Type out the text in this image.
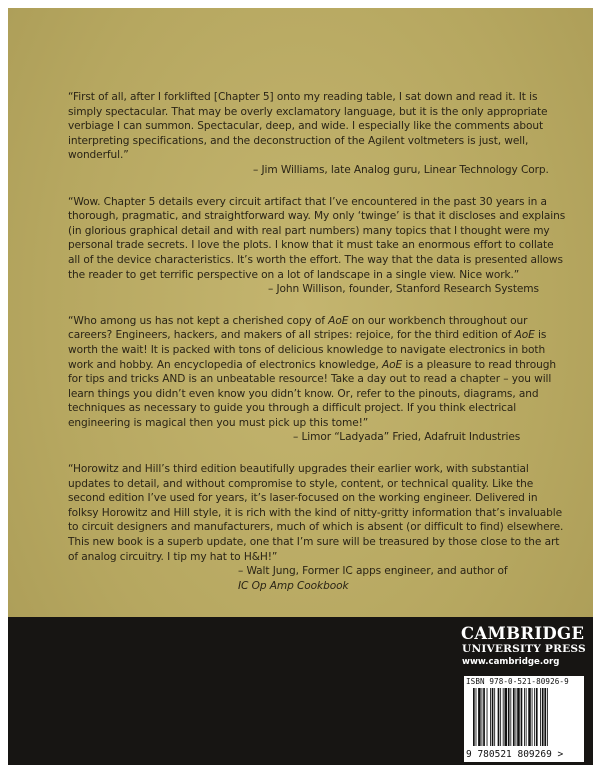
“First of all, after I forklifted [Chapter 5] onto my reading table, I sat down and read it. It is simply spectacular. That may be overly exclamatory language, but it is the only appropriate verbiage I can summon. Spectacular, deep, and wide. I especially like the comments about interpreting specifications, and the deconstruction of the Agilent voltmeters is just, well, wonderful.”

– Jim Williams, late Analog guru, Linear Technology Corp.

“Wow. Chapter 5 details every circuit artifact that I’ve encountered in the past 30 years in a thorough, pragmatic, and straightforward way. My only ‘twinge’ is that it discloses and explains (in glorious graphical detail and with real part numbers) many topics that I thought were my personal trade secrets. I love the plots. I know that it must take an enormous effort to collate all of the device characteristics. It’s worth the effort. The way that the data is presented allows the reader to get terrific perspective on a lot of landscape in a single view. Nice work.”

– John Willison, founder, Stanford Research Systems

“Who among us has not kept a cherished copy of AoE on our workbench throughout our careers? Engineers, hackers, and makers of all stripes: rejoice, for the third edition of AoE is worth the wait! It is packed with tons of delicious knowledge to navigate electronics in both work and hobby. An encyclopedia of electronics knowledge, AoE is a pleasure to read through for tips and tricks AND is an unbeatable resource! Take a day out to read a chapter – you will learn things you didn’t even know you didn’t know. Or, refer to the pinouts, diagrams, and techniques as necessary to guide you through a difficult project. If you think electrical engineering is magical then you must pick up this tome!”

– Limor “Ladyada” Fried, Adafruit Industries

“Horowitz and Hill’s third edition beautifully upgrades their earlier work, with substantial updates to detail, and without compromise to style, content, or technical quality. Like the second edition I’ve used for years, it’s laser-focused on the working engineer. Delivered in folksy Horowitz and Hill style, it is rich with the kind of nitty-gritty information that’s invaluable to circuit designers and manufacturers, much of which is absent (or difficult to find) elsewhere. This new book is a superb update, one that I’m sure will be treasured by those close to the art of analog circuitry. I tip my hat to H&H!”

– Walt Jung, Former IC apps engineer, and author of
IC Op Amp Cookbook

CAMBRIDGE
UNIVERSITY PRESS
www.cambridge.org
ISBN 978-0-521-80926-9
9 780521 809269 >
